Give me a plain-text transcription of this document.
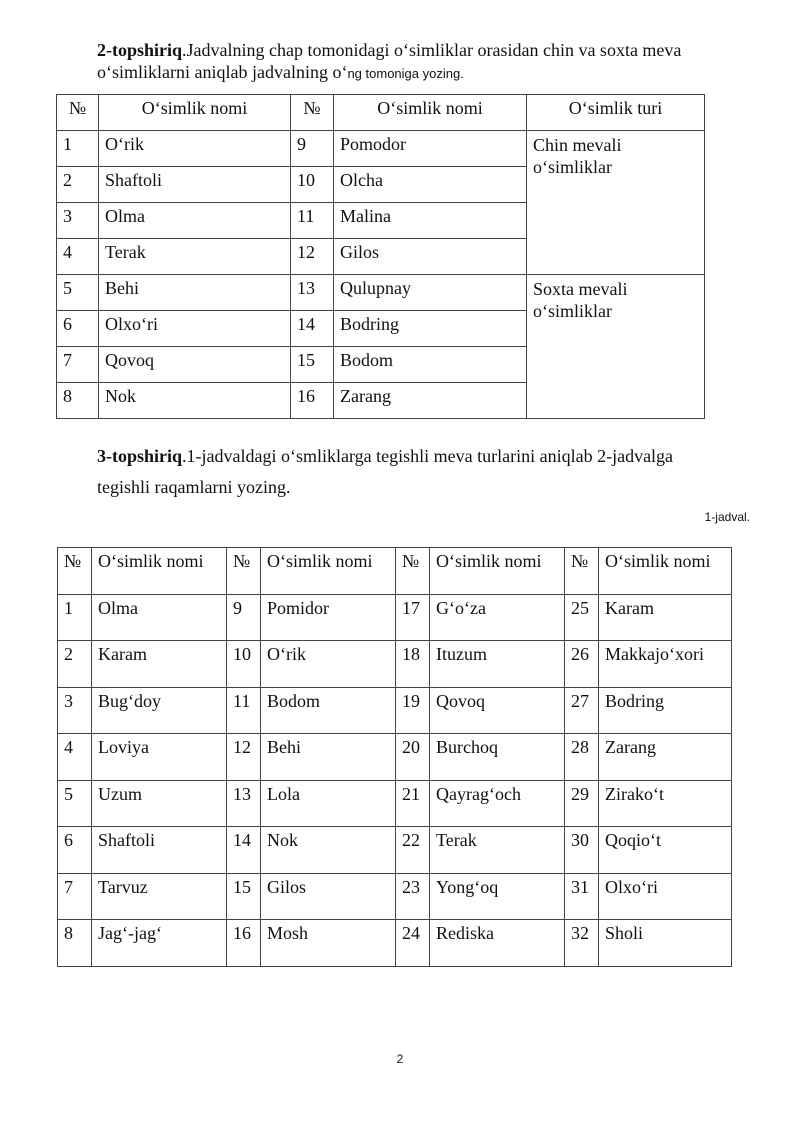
2-topshiriq.Jadvalning chap tomonidagi o‘simliklar orasidan chin va soxta meva
o‘simliklarni aniqlab jadvalning o‘ng tomoniga yozing.
№	O‘simlik nomi	№	O‘simlik nomi	O‘simlik turi
1	O‘rik	9	Pomodor	Chin mevali o‘simliklar
2	Shaftoli	10	Olcha	
3	Olma	11	Malina	
4	Terak	12	Gilos	
5	Behi	13	Qulupnay	Soxta mevali o‘simliklar
6	Olxo‘ri	14	Bodring	
7	Qovoq	15	Bodom	
8	Nok	16	Zarang	
3-topshiriq.1-jadvaldagi o‘smliklarga tegishli meva turlarini aniqlab 2-jadvalga
tegishli raqamlarni yozing.
1-jadval.
№	O‘simlik nomi	№	O‘simlik nomi	№	O‘simlik nomi	№	O‘simlik nomi
1	Olma	9	Pomidor	17	G‘o‘za	25	Karam
2	Karam	10	O‘rik	18	Ituzum	26	Makkajo‘xori
3	Bug‘doy	11	Bodom	19	Qovoq	27	Bodring
4	Loviya	12	Behi	20	Burchoq	28	Zarang
5	Uzum	13	Lola	21	Qayrag‘och	29	Zirako‘t
6	Shaftoli	14	Nok	22	Terak	30	Qoqio‘t
7	Tarvuz	15	Gilos	23	Yong‘oq	31	Olxo‘ri
8	Jag‘-jag‘	16	Mosh	24	Rediska	32	Sholi
2
